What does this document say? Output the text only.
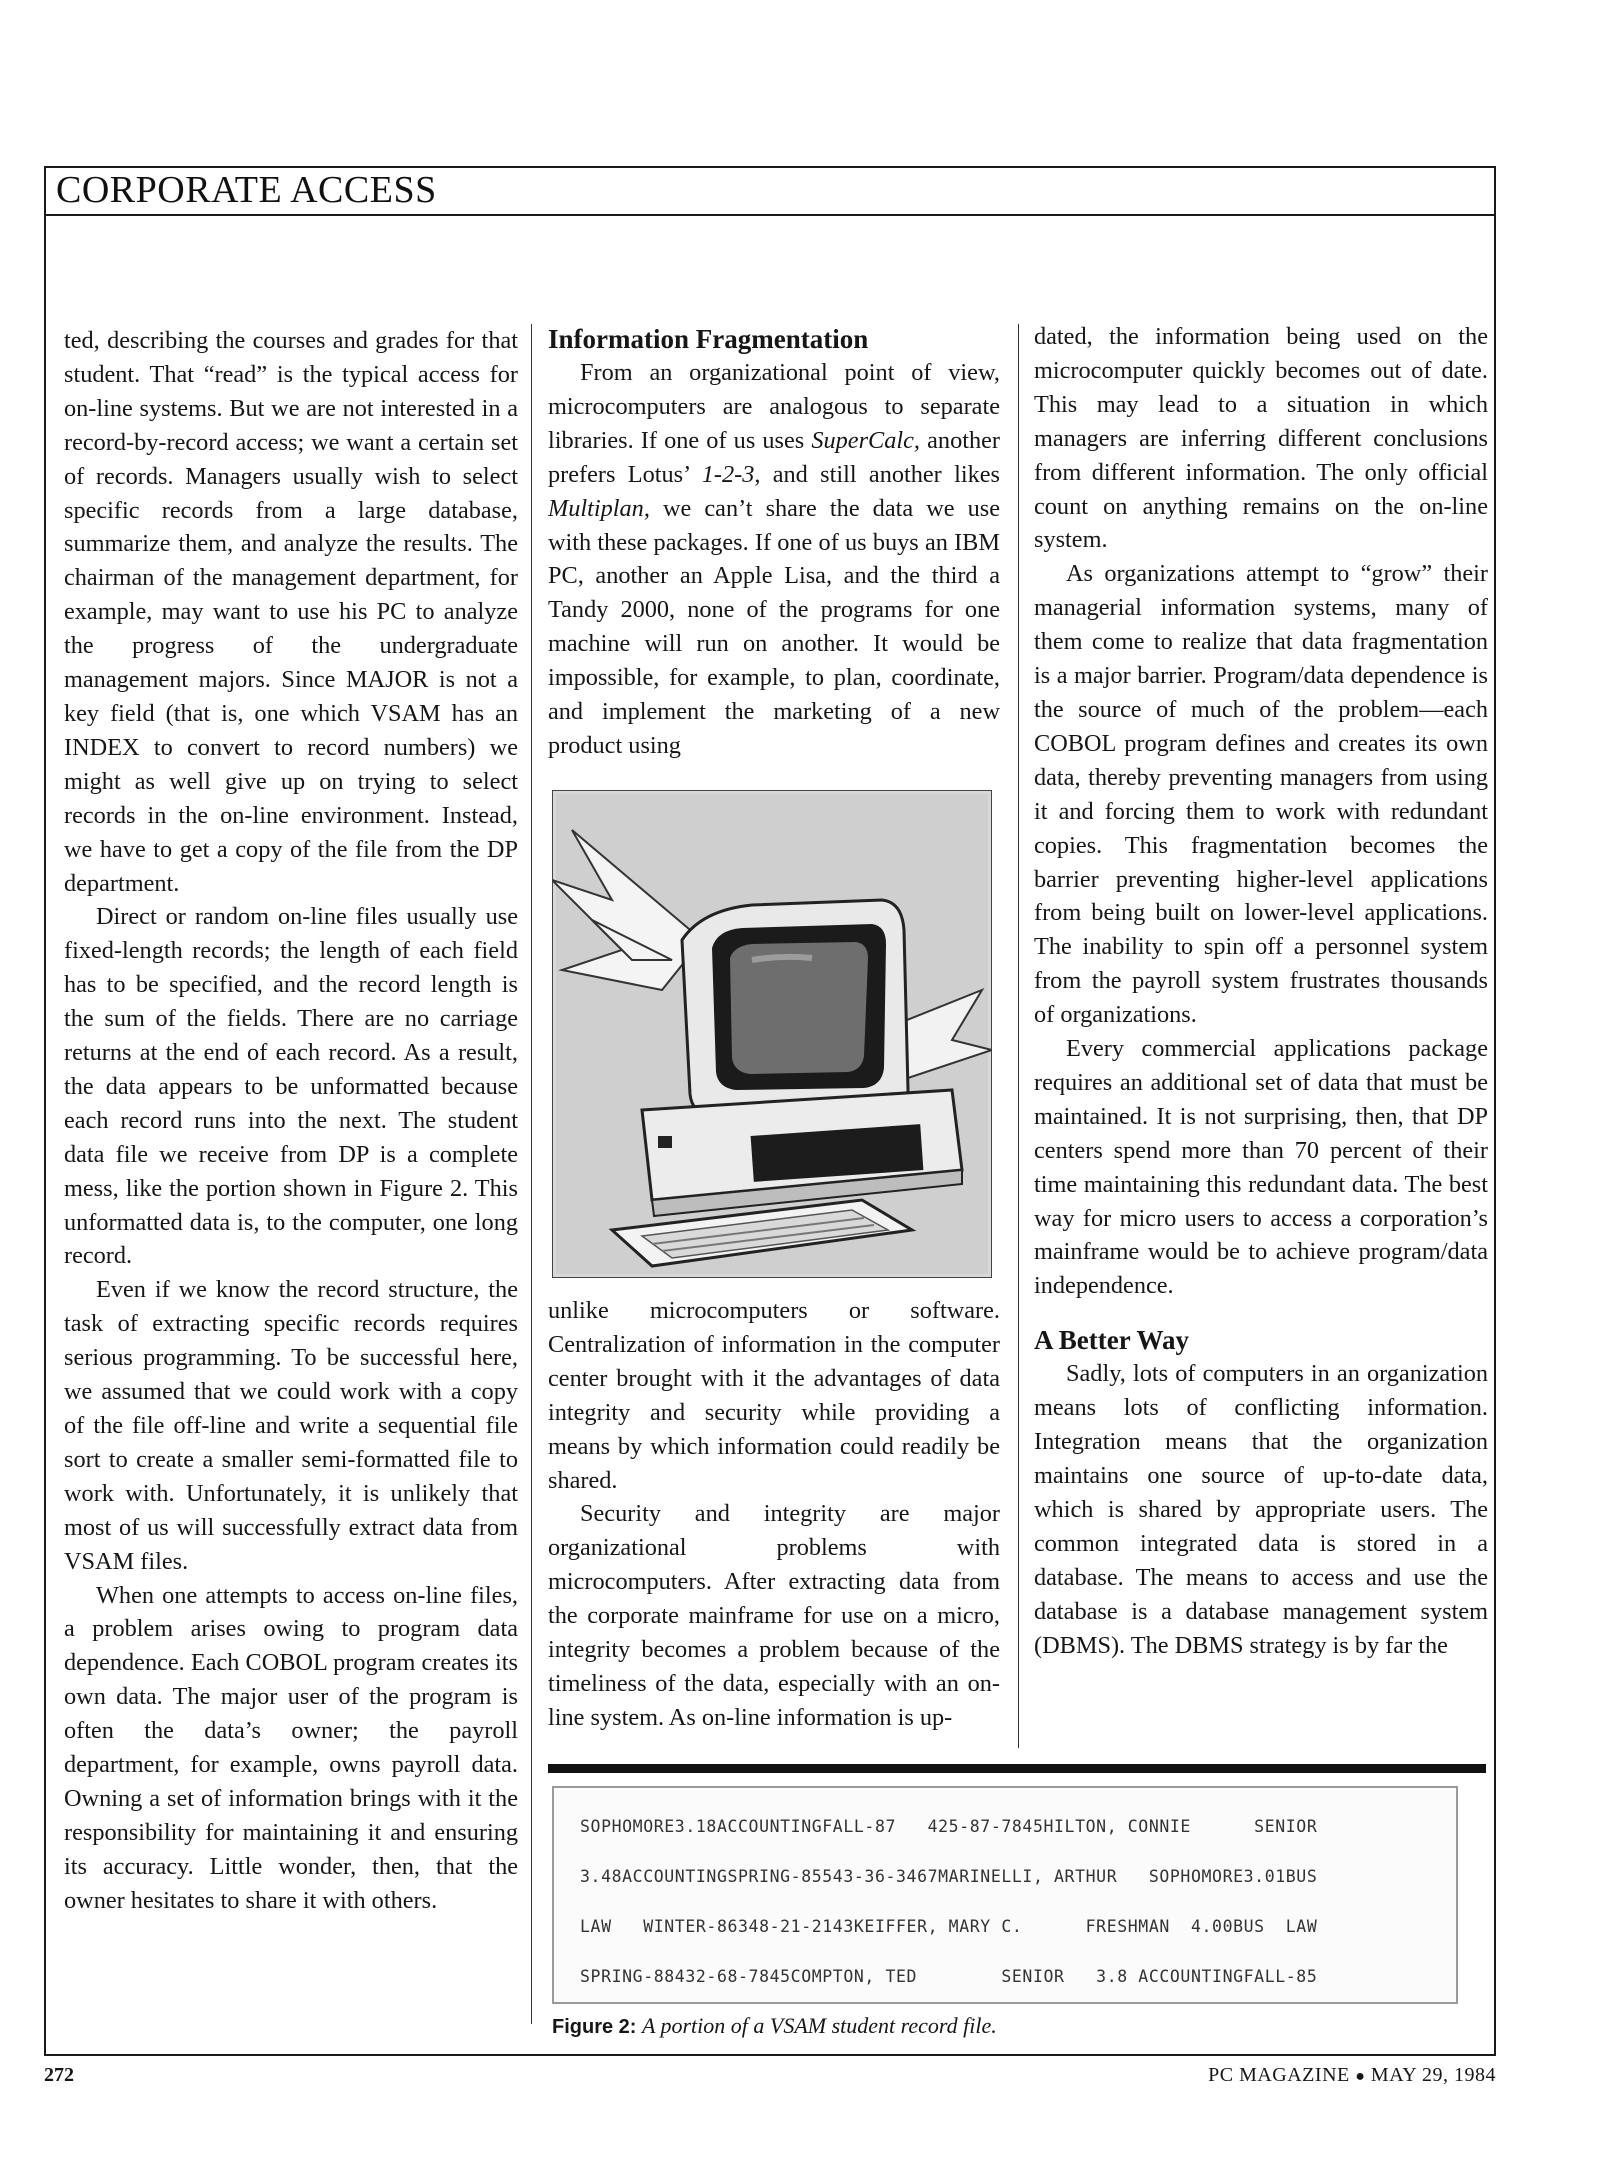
CORPORATE ACCESS

ted, describing the courses and grades for that student. That “read” is the typical access for on-line systems. But we are not interested in a record-by-record access; we want a certain set of records. Managers usually wish to select specific records from a large database, summarize them, and analyze the results. The chairman of the management department, for example, may want to use his PC to analyze the progress of the undergraduate management majors. Since MAJOR is not a key field (that is, one which VSAM has an INDEX to convert to record numbers) we might as well give up on trying to select records in the on-line environment. Instead, we have to get a copy of the file from the DP department.

Direct or random on-line files usually use fixed-length records; the length of each field has to be specified, and the record length is the sum of the fields. There are no carriage returns at the end of each record. As a result, the data appears to be unformatted because each record runs into the next. The student data file we receive from DP is a complete mess, like the portion shown in Figure 2. This unformatted data is, to the computer, one long record.

Even if we know the record structure, the task of extracting specific records requires serious programming. To be successful here, we assumed that we could work with a copy of the file off-line and write a sequential file sort to create a smaller semi-formatted file to work with. Unfortunately, it is unlikely that most of us will successfully extract data from VSAM files.

When one attempts to access on-line files, a problem arises owing to program data dependence. Each COBOL program creates its own data. The major user of the program is often the data’s owner; the payroll department, for example, owns payroll data. Owning a set of information brings with it the responsibility for maintaining it and ensuring its accuracy. Little wonder, then, that the owner hesitates to share it with others.

Information Fragmentation

From an organizational point of view, microcomputers are analogous to separate libraries. If one of us uses SuperCalc, another prefers Lotus’ 1-2-3, and still another likes Multiplan, we can’t share the data we use with these packages. If one of us buys an IBM PC, another an Apple Lisa, and the third a Tandy 2000, none of the programs for one machine will run on another. It would be impossible, for example, to plan, coordinate, and implement the marketing of a new product using

unlike microcomputers or software. Centralization of information in the computer center brought with it the advantages of data integrity and security while providing a means by which information could readily be shared.

Security and integrity are major organizational problems with microcomputers. After extracting data from the corporate mainframe for use on a micro, integrity becomes a problem because of the timeliness of the data, especially with an on-line system. As on-line information is up-

dated, the information being used on the microcomputer quickly becomes out of date. This may lead to a situation in which managers are inferring different conclusions from different information. The only official count on anything remains on the on-line system.

As organizations attempt to “grow” their managerial information systems, many of them come to realize that data fragmentation is a major barrier. Program/data dependence is the source of much of the problem—each COBOL program defines and creates its own data, thereby preventing managers from using it and forcing them to work with redundant copies. This fragmentation becomes the barrier preventing higher-level applications from being built on lower-level applications. The inability to spin off a personnel system from the payroll system frustrates thousands of organizations.

Every commercial applications package requires an additional set of data that must be maintained. It is not surprising, then, that DP centers spend more than 70 percent of their time maintaining this redundant data. The best way for micro users to access a corporation’s mainframe would be to achieve program/data independence.

A Better Way

Sadly, lots of computers in an organization means lots of conflicting information. Integration means that the organization maintains one source of up-to-date data, which is shared by appropriate users. The common integrated data is stored in a database. The means to access and use the database is a database management system (DBMS). The DBMS strategy is by far the

SOPHOMORE3.18ACCOUNTINGFALL-87   425-87-7845HILTON, CONNIE      SENIOR
3.48ACCOUNTINGSPRING-85543-36-3467MARINELLI, ARTHUR   SOPHOMORE3.01BUS
LAW   WINTER-86348-21-2143KEIFFER, MARY C.      FRESHMAN  4.00BUS  LAW
SPRING-88432-68-7845COMPTON, TED        SENIOR   3.8 ACCOUNTINGFALL-85
Figure 2: A portion of a VSAM student record file.
272	PC MAGAZINE ● MAY 29, 1984
